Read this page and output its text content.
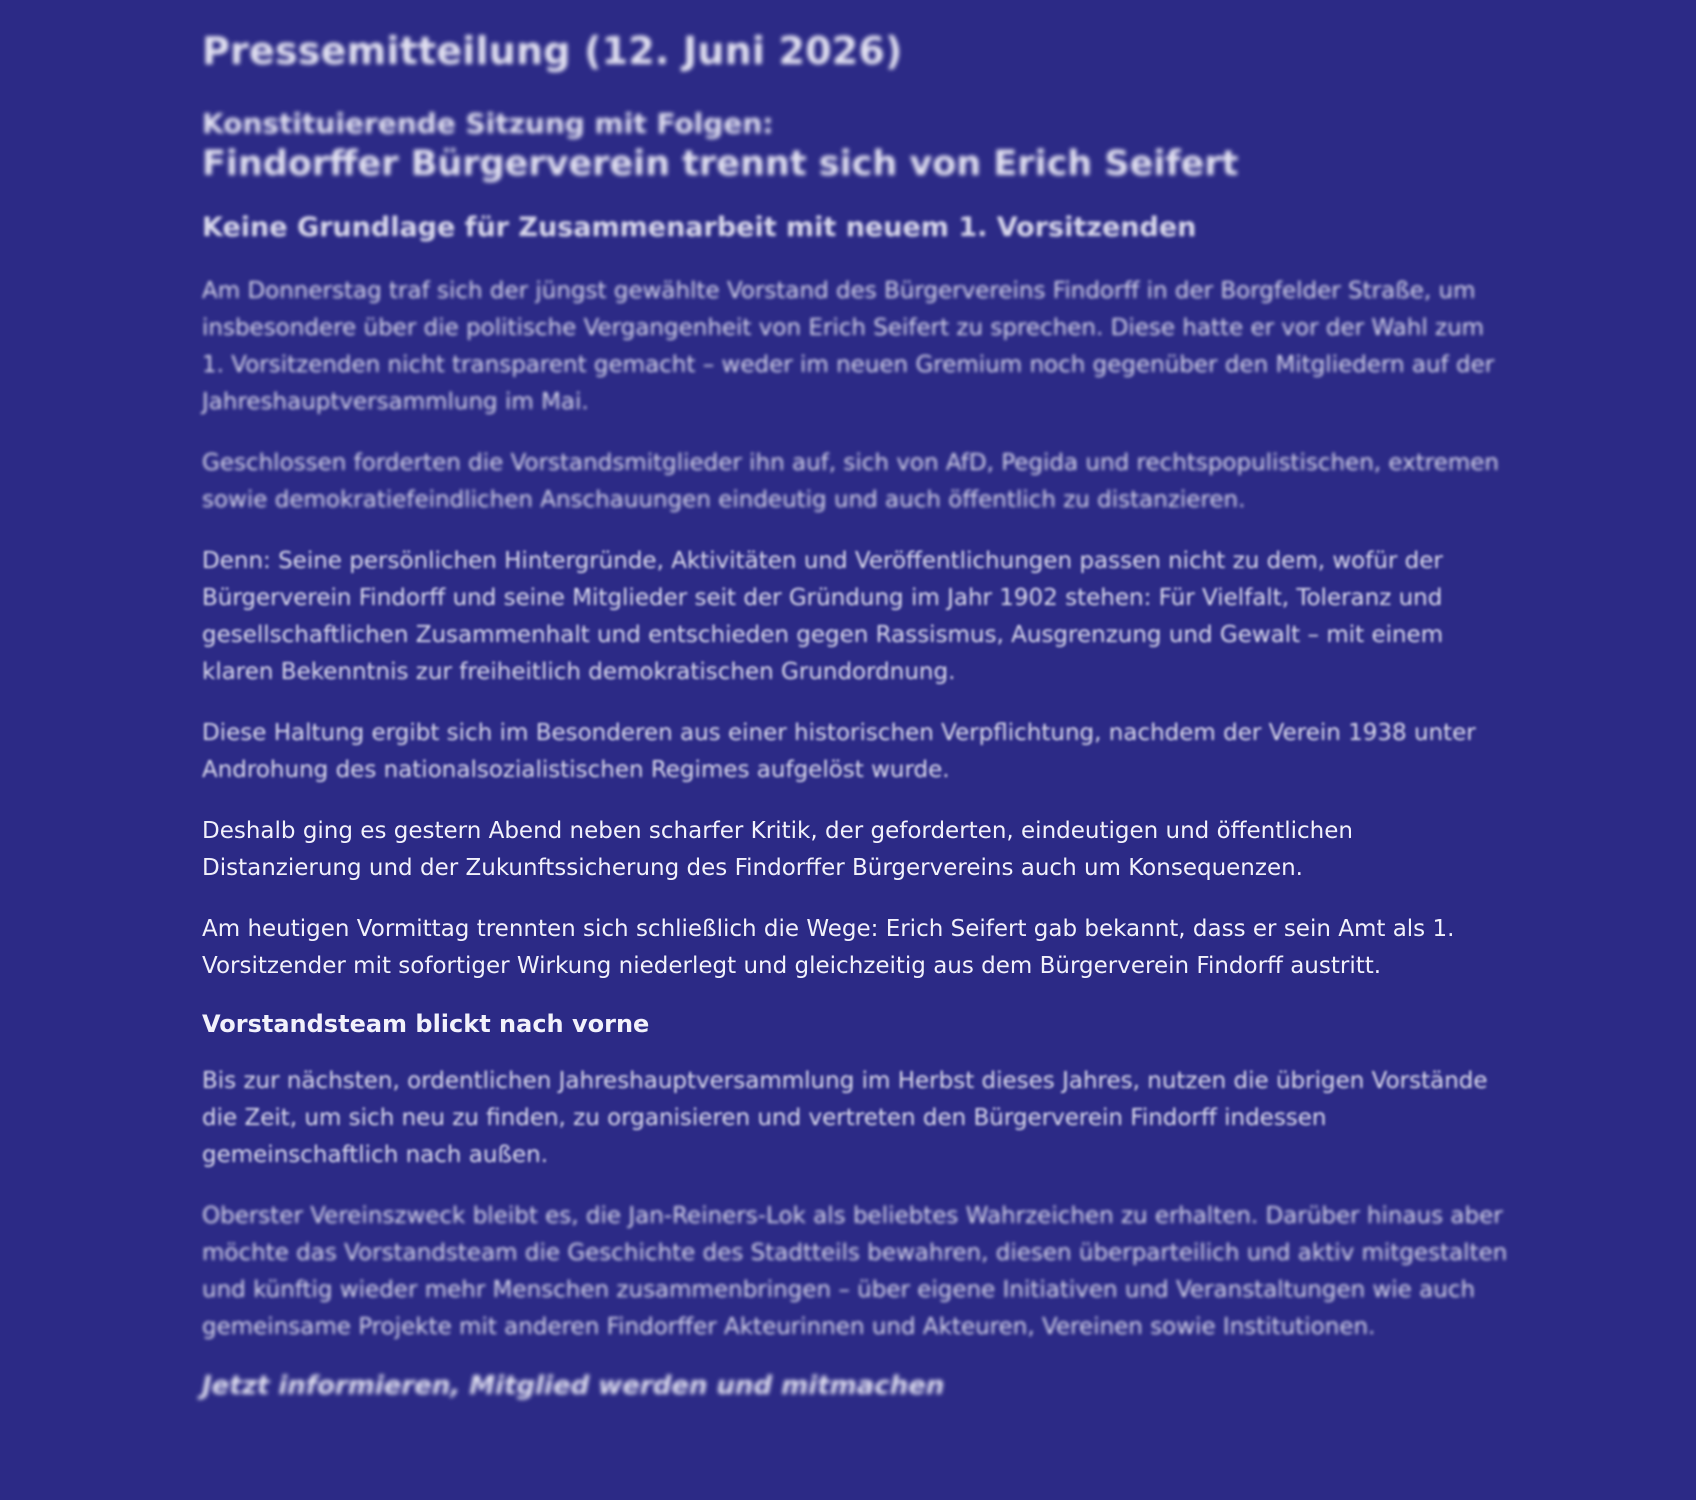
Pressemitteilung (12. Juni 2026)
Konstituierende Sitzung mit Folgen:
Findorffer Bürgerverein trennt sich von Erich Seifert
Keine Grundlage für Zusammenarbeit mit neuem 1. Vorsitzenden

Am Donnerstag traf sich der jüngst gewählte Vorstand des Bürgervereins Findorff in der Borgfelder Straße, um insbesondere über die politische Vergangenheit von Erich Seifert zu sprechen. Diese hatte er vor der Wahl zum 1. Vorsitzenden nicht transparent gemacht – weder im neuen Gremium noch gegenüber den Mitgliedern auf der Jahreshauptversammlung im Mai.

Geschlossen forderten die Vorstandsmitglieder ihn auf, sich von AfD, Pegida und rechtspopulistischen, extremen sowie demokratiefeindlichen Anschauungen eindeutig und auch öffentlich zu distanzieren.

Denn: Seine persönlichen Hintergründe, Aktivitäten und Veröffentlichungen passen nicht zu dem, wofür der Bürgerverein Findorff und seine Mitglieder seit der Gründung im Jahr 1902 stehen: Für Vielfalt, Toleranz und gesellschaftlichen Zusammenhalt und entschieden gegen Rassismus, Ausgrenzung und Gewalt – mit einem klaren Bekenntnis zur freiheitlich demokratischen Grundordnung.

Diese Haltung ergibt sich im Besonderen aus einer historischen Verpflichtung, nachdem der Verein 1938 unter Androhung des nationalsozialistischen Regimes aufgelöst wurde.

Deshalb ging es gestern Abend neben scharfer Kritik, der geforderten, eindeutigen und öffentlichen Distanzierung und der Zukunftssicherung des Findorffer Bürgervereins auch um Konsequenzen.

Am heutigen Vormittag trennten sich schließlich die Wege: Erich Seifert gab bekannt, dass er sein Amt als 1. Vorsitzender mit sofortiger Wirkung niederlegt und gleichzeitig aus dem Bürgerverein Findorff austritt.

Vorstandsteam blickt nach vorne

Bis zur nächsten, ordentlichen Jahreshauptversammlung im Herbst dieses Jahres, nutzen die übrigen Vorstände die Zeit, um sich neu zu finden, zu organisieren und vertreten den Bürgerverein Findorff indessen gemeinschaftlich nach außen.

Oberster Vereinszweck bleibt es, die Jan-Reiners-Lok als beliebtes Wahrzeichen zu erhalten. Darüber hinaus aber möchte das Vorstandsteam die Geschichte des Stadtteils bewahren, diesen überparteilich und aktiv mitgestalten und künftig wieder mehr Menschen zusammenbringen – über eigene Initiativen und Veranstaltungen wie auch gemeinsame Projekte mit anderen Findorffer Akteurinnen und Akteuren, Vereinen sowie Institutionen.

Jetzt informieren, Mitglied werden und mitmachen
